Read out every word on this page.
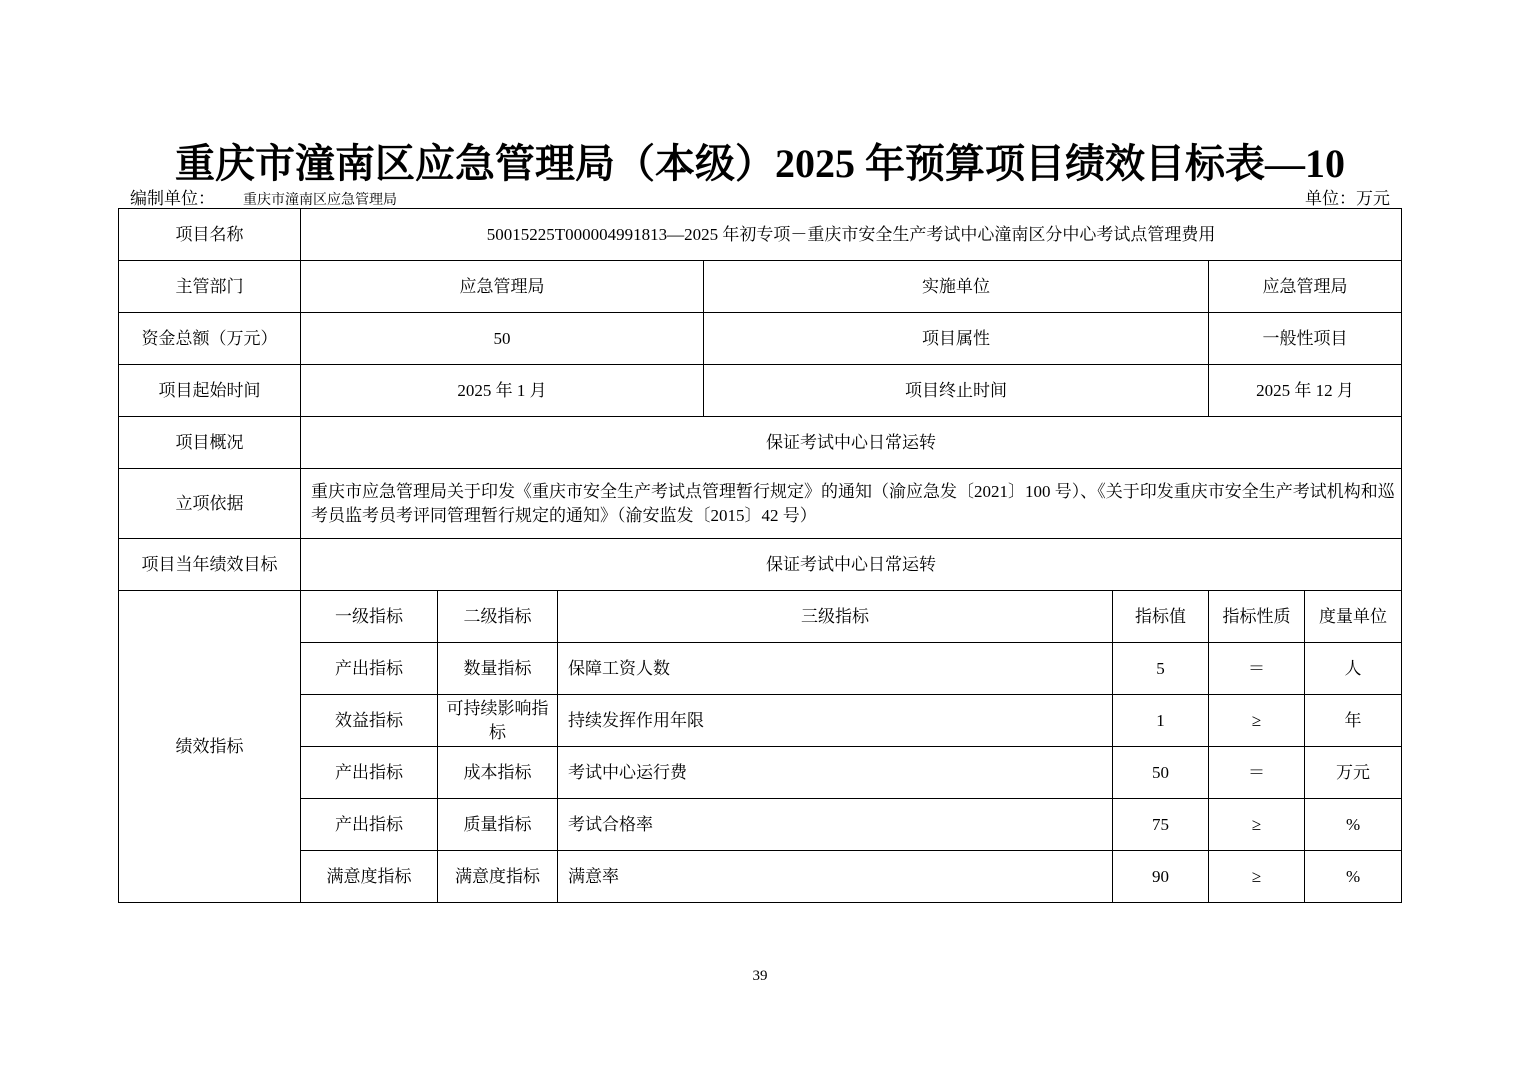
重庆市潼南区应急管理局（本级）2025 年预算项目绩效目标表—10
编制单位： 重庆市潼南区应急管理局	单位：万元
项目名称	50015225T000004991813—2025 年初专项－重庆市安全生产考试中心潼南区分中心考试点管理费用						
主管部门	应急管理局			实施单位		应急管理局	
资金总额（万元）	50			项目属性		一般性项目	
项目起始时间	2025 年 1 月			项目终止时间		2025 年 12 月	
项目概况	保证考试中心日常运转						
立项依据	重庆市应急管理局关于印发《重庆市安全生产考试点管理暂行规定》的通知（渝应急发〔2021〕100 号）、《关于印发重庆市安全生产考试机构和巡考员监考员考评同管理暂行规定的通知》（渝安监发〔2015〕42 号）						
项目当年绩效目标	保证考试中心日常运转						
绩效指标	一级指标	二级指标	三级指标		指标值	指标性质	度量单位
	产出指标	数量指标	保障工资人数		5	＝	人
	效益指标	可持续影响指标	持续发挥作用年限		1	≥	年
	产出指标	成本指标	考试中心运行费		50	＝	万元
	产出指标	质量指标	考试合格率		75	≥	%
	满意度指标	满意度指标	满意率		90	≥	%
39
